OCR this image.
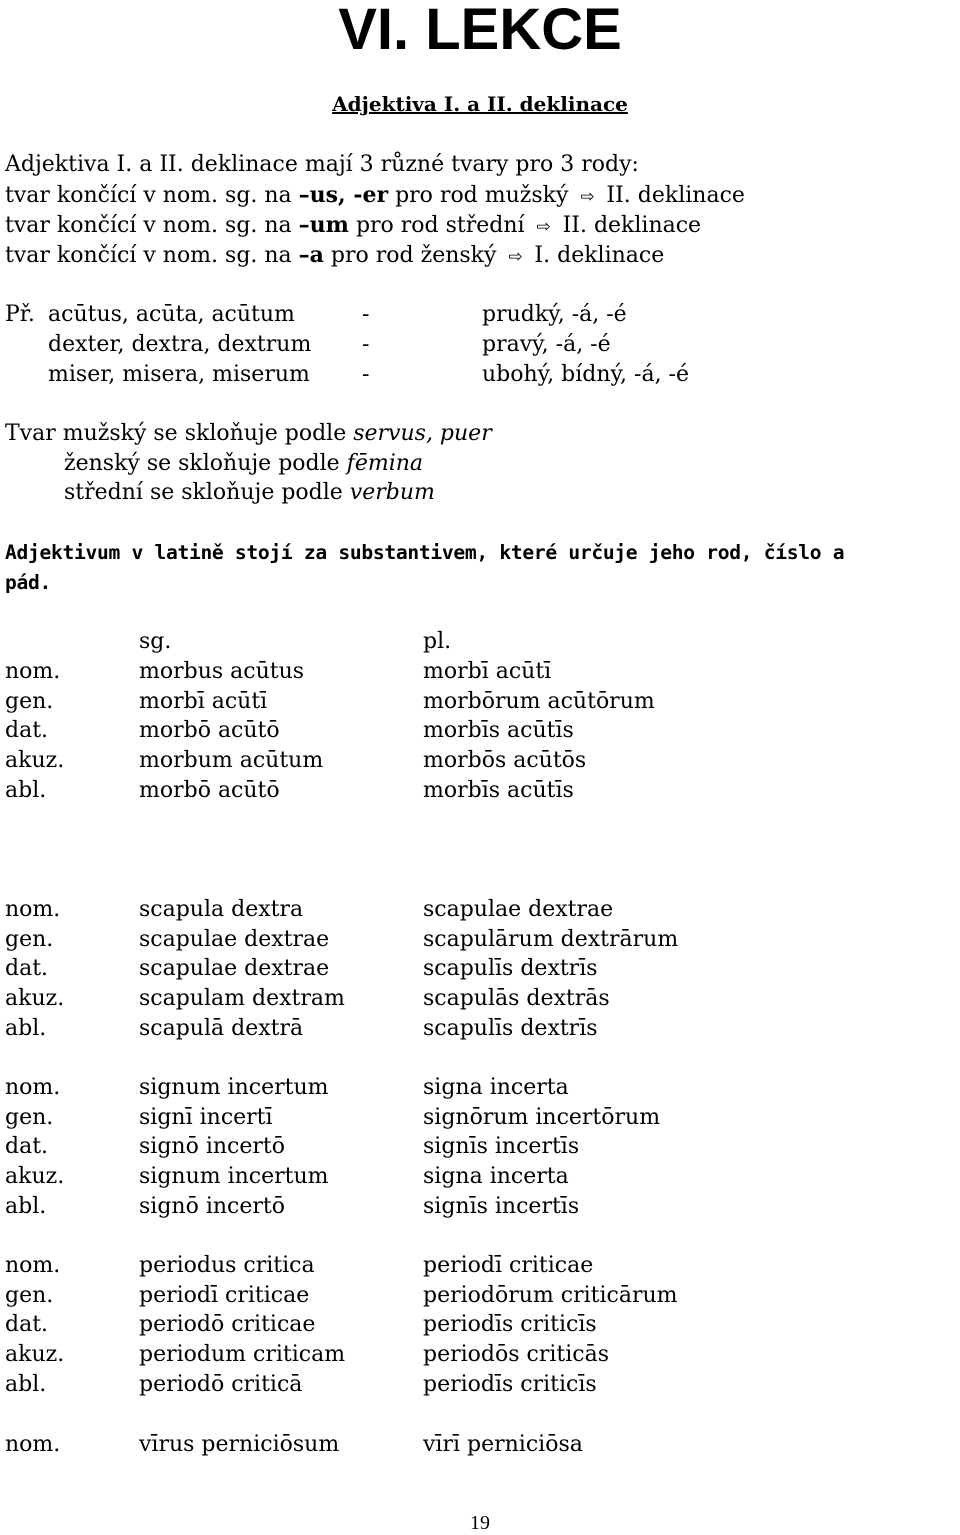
VI. LEKCE
Adjektiva I. a II. deklinace
Adjektiva I. a II. deklinace mají 3 různé tvary pro 3 rody:
tvar končící v nom. sg. na –us, -er pro rod mužský ⇨ II. deklinace
tvar končící v nom. sg. na –um pro rod střední ⇨ II. deklinace
tvar končící v nom. sg. na –a pro rod ženský ⇨ I. deklinace
Př. acūtus, acūta, acūtum	-	prudký, -á, -é
dexter, dextra, dextrum -	pravý, -á, -é
miser, misera, miserum -	ubohý, bídný, -á, -é
Tvar mužský se skloňuje podle servus, puer
ženský se skloňuje podle fēmina
střední se skloňuje podle verbum
Adjektivum v latině stojí za substantivem, které určuje jeho rod, číslo a
pád.
sg.	pl.
nom.	morbus acūtus	morbī acūtī
gen.	morbī acūtī	morbōrum acūtōrum
dat.	morbō acūtō	morbīs acūtīs
akuz.	morbum acūtum	morbōs acūtōs
abl.	morbō acūtō	morbīs acūtīs
nom.	scapula dextra	scapulae dextrae
gen.	scapulae dextrae	scapulārum dextrārum
dat.	scapulae dextrae	scapulīs dextrīs
akuz.	scapulam dextram	scapulās dextrās
abl.	scapulā dextrā	scapulīs dextrīs
nom.	signum incertum	signa incerta
gen.	signī incertī	signōrum incertōrum
dat.	signō incertō	signīs incertīs
akuz.	signum incertum	signa incerta
abl.	signō incertō	signīs incertīs
nom.	periodus critica	periodī criticae
gen.	periodī criticae	periodōrum criticārum
dat.	periodō criticae	periodīs criticīs
akuz.	periodum criticam	periodōs criticās
abl.	periodō criticā	periodīs criticīs
nom.	vīrus perniciōsum	vīrī perniciōsa
19
